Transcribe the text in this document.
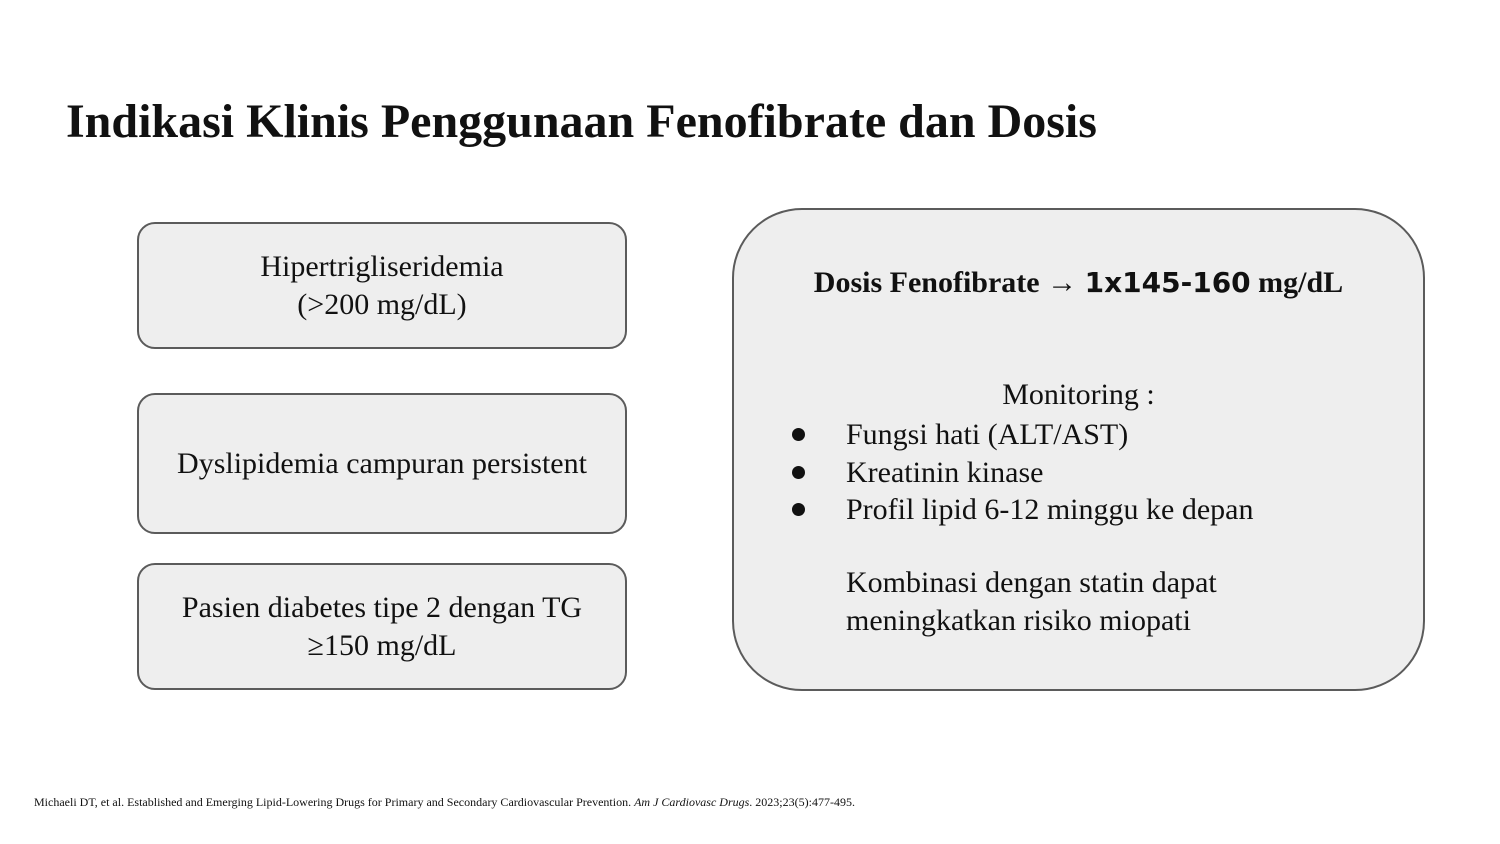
Indikasi Klinis Penggunaan Fenofibrate dan Dosis
Hipertrigliseridemia
(>200 mg/dL)
Dyslipidemia campuran persistent
Pasien diabetes tipe 2 dengan TG
≥150 mg/dL
Dosis Fenofibrate → 1x145-160 mg/dL
Monitoring :
Fungsi hati (ALT/AST)
Kreatinin kinase
Profil lipid 6-12 minggu ke depan
Kombinasi dengan statin dapat
meningkatkan risiko miopati
Michaeli DT, et al. Established and Emerging Lipid-Lowering Drugs for Primary and Secondary Cardiovascular Prevention. Am J Cardiovasc Drugs. 2023;23(5):477-495.
